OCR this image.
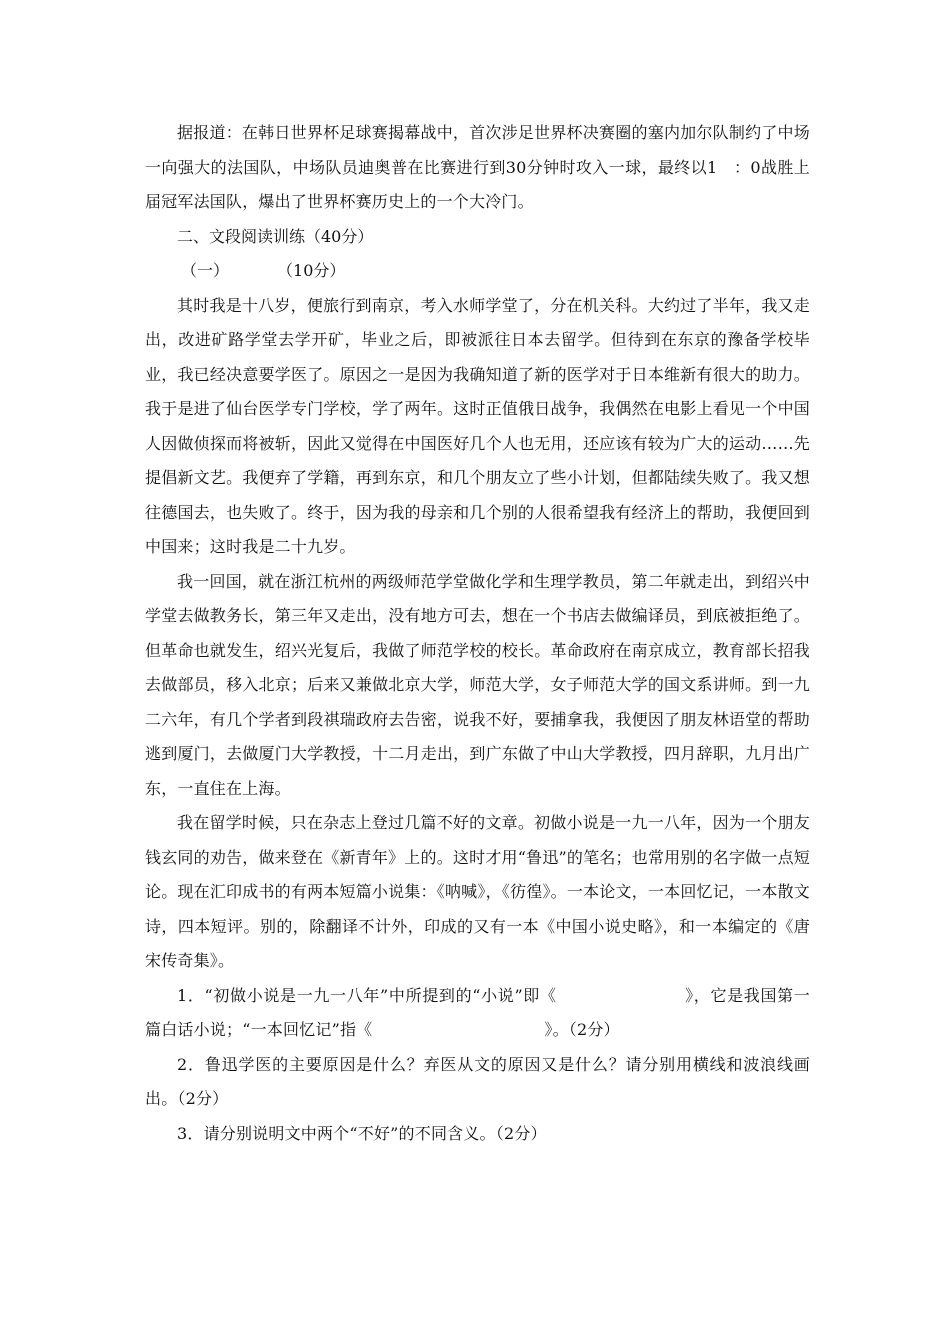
据报道：在韩日世界杯足球赛揭幕战中，首次涉足世界杯决赛圈的塞内加尔队制约了中场一向强大的法国队，中场队员迪奥普在比赛进行到30分钟时攻入一球，最终以1　：0战胜上届冠军法国队，爆出了世界杯赛历史上的一个大冷门。

二、文段阅读训练（40分）

（一）	（10分）

其时我是十八岁，便旅行到南京，考入水师学堂了，分在机关科。大约过了半年，我又走出，改进矿路学堂去学开矿，毕业之后，即被派往日本去留学。但待到在东京的豫备学校毕业，我已经决意要学医了。原因之一是因为我确知道了新的医学对于日本维新有很大的助力。我于是进了仙台医学专门学校，学了两年。这时正值俄日战争，我偶然在电影上看见一个中国人因做侦探而将被斩，因此又觉得在中国医好几个人也无用，还应该有较为广大的运动……先提倡新文艺。我便弃了学籍，再到东京，和几个朋友立了些小计划，但都陆续失败了。我又想往德国去，也失败了。终于，因为我的母亲和几个别的人很希望我有经济上的帮助，我便回到中国来；这时我是二十九岁。

我一回国，就在浙江杭州的两级师范学堂做化学和生理学教员，第二年就走出，到绍兴中学堂去做教务长，第三年又走出，没有地方可去，想在一个书店去做编译员，到底被拒绝了。但革命也就发生，绍兴光复后，我做了师范学校的校长。革命政府在南京成立，教育部长招我去做部员，移入北京；后来又兼做北京大学，师范大学，女子师范大学的国文系讲师。到一九二六年，有几个学者到段祺瑞政府去告密，说我不好，要捕拿我，我便因了朋友林语堂的帮助逃到厦门，去做厦门大学教授，十二月走出，到广东做了中山大学教授，四月辞职，九月出广东，一直住在上海。

我在留学时候，只在杂志上登过几篇不好的文章。初做小说是一九一八年，因为一个朋友钱玄同的劝告，做来登在《新青年》上的。这时才用“鲁迅”的笔名；也常用别的名字做一点短论。现在汇印成书的有两本短篇小说集：《呐喊》，《彷徨》。一本论文，一本回忆记，一本散文诗，四本短评。别的，除翻译不计外，印成的又有一本《中国小说史略》，和一本编定的《唐宋传奇集》。

1．“初做小说是一九一八年”中所提到的“小说”即《	》，它是我国第一篇白话小说；“一本回忆记”指《	》。（2分）

2．鲁迅学医的主要原因是什么？弃医从文的原因又是什么？请分别用横线和波浪线画出。（2分）

3．请分别说明文中两个“不好”的不同含义。（2分）
